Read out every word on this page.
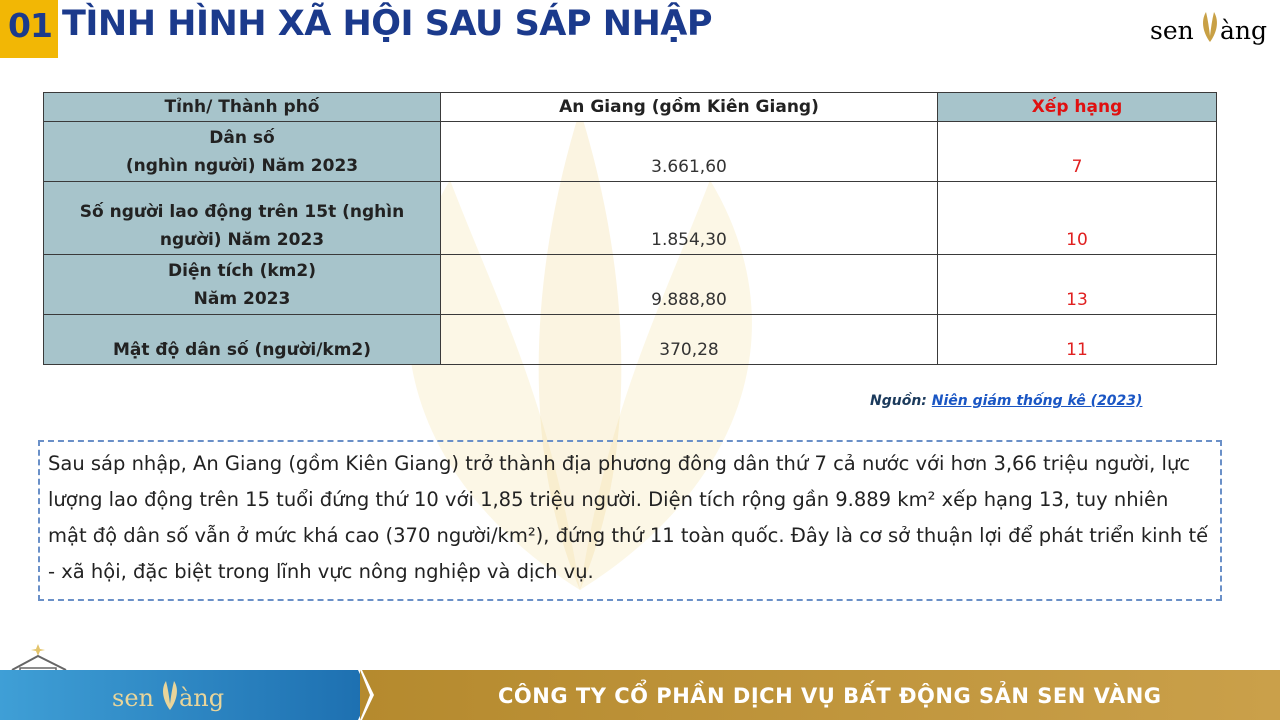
01 TÌNH HÌNH XÃ HỘI SAU SÁP NHẬP	sen àng
Tỉnh/ Thành phố	An Giang (gồm Kiên Giang)	Xếp hạng

Dân số
(nghìn người) Năm 2023	3.661,60	7

Số người lao động trên 15t (nghìn
người) Năm 2023	1.854,30	10

Diện tích (km2)
Năm 2023	9.888,80	13

Mật độ dân số (người/km2)	370,28	11
Nguồn: Niên giám thống kê (2023)

Sau sáp nhập, An Giang (gồm Kiên Giang) trở thành địa phương đông dân thứ 7 cả nước với hơn 3,66 triệu người, lực lượng lao động trên 15 tuổi đứng thứ 10 với 1,85 triệu người. Diện tích rộng gần 9.889 km² xếp hạng 13, tuy nhiên mật độ dân số vẫn ở mức khá cao (370 người/km²), đứng thứ 11 toàn quốc. Đây là cơ sở thuận lợi để phát triển kinh tế - xã hội, đặc biệt trong lĩnh vực nông nghiệp và dịch vụ.

sen àng	CÔNG TY CỔ PHẦN DỊCH VỤ BẤT ĐỘNG SẢN SEN VÀNG
